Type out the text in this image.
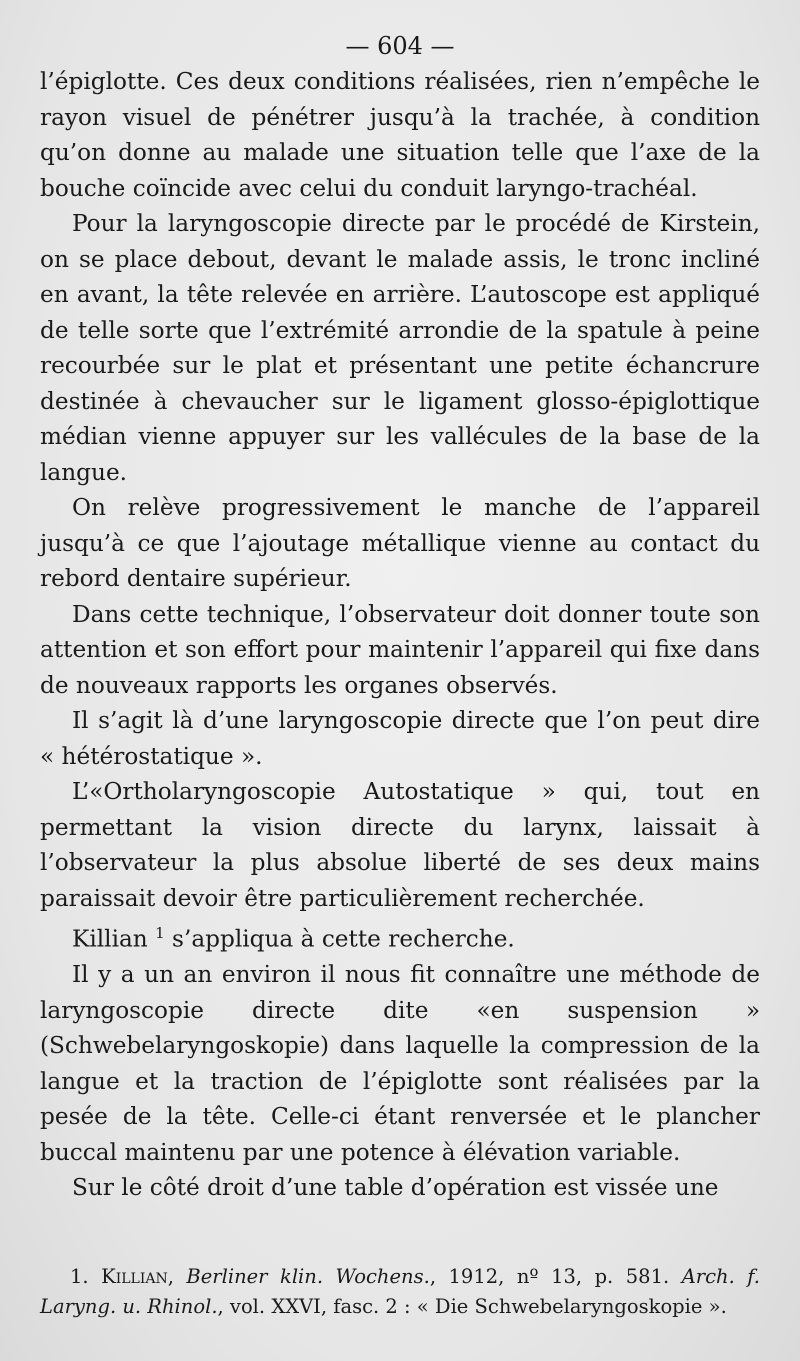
— 604 —

l’épiglotte. Ces deux conditions réalisées, rien n’empêche le rayon visuel de pénétrer jusqu’à la trachée, à condition qu’on donne au malade une situation telle que l’axe de la bouche coïncide avec celui du conduit laryngo-trachéal.

Pour la laryngoscopie directe par le procédé de Kirstein, on se place debout, devant le malade assis, le tronc incliné en avant, la tête relevée en arrière. L’autoscope est appliqué de telle sorte que l’extrémité arrondie de la spatule à peine recourbée sur le plat et présentant une petite échancrure destinée à chevaucher sur le ligament glosso-épiglottique médian vienne appuyer sur les vallécules de la base de la langue.

On relève progressivement le manche de l’appareil jusqu’à ce que l’ajoutage métallique vienne au contact du rebord dentaire supérieur.

Dans cette technique, l’observateur doit donner toute son attention et son effort pour maintenir l’appareil qui fixe dans de nouveaux rapports les organes observés.

Il s’agit là d’une laryngoscopie directe que l’on peut dire « hétérostatique ».

L’«Ortholaryngoscopie Autostatique » qui, tout en permettant la vision directe du larynx, laissait à l’observateur la plus absolue liberté de ses deux mains paraissait devoir être particulièrement recherchée.

Killian $^1$ s’appliqua à cette recherche.

Il y a un an environ il nous fit connaître une méthode de laryngoscopie directe dite «en suspension » (Schwebelaryngoskopie) dans laquelle la compression de la langue et la traction de l’épiglotte sont réalisées par la pesée de la tête. Celle-ci étant renversée et le plancher buccal maintenu par une potence à élévation variable.

Sur le côté droit d’une table d’opération est vissée une

1. Killian, Berliner klin. Wochens., 1912, nº 13, p. 581. Arch. f. Laryng. u. Rhinol., vol. XXVI, fasc. 2 : « Die Schwebelaryngoskopie ».
